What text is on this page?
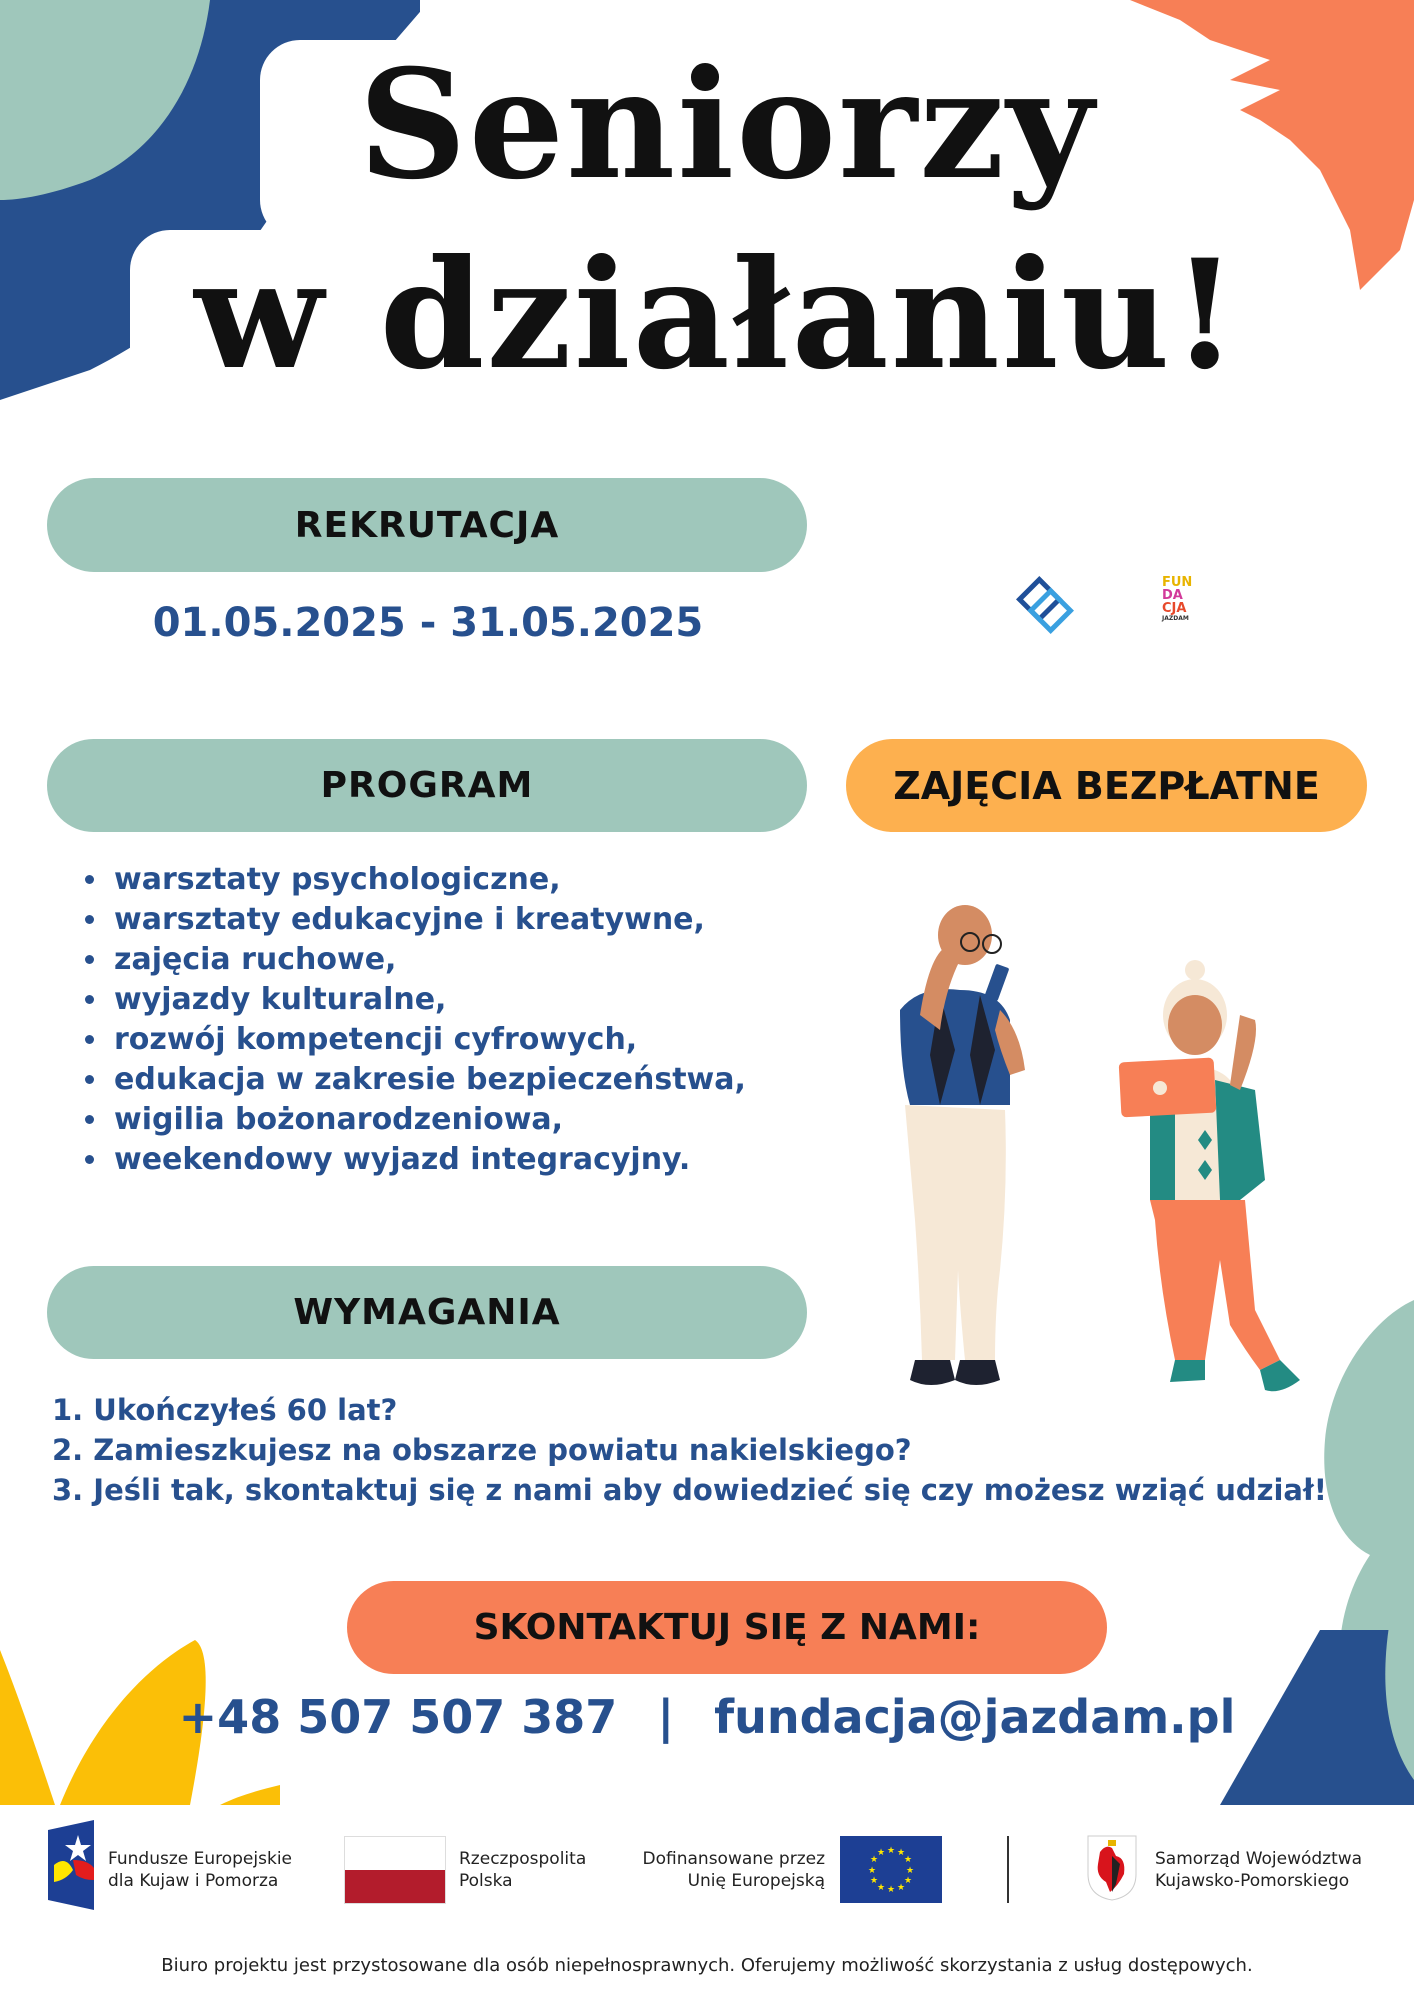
Seniorzy
w działaniu!
REKRUTACJA
01.05.2025 - 31.05.2025
FUN
DA
CJA
JAZDAM
PROGRAM
• warsztaty psychologiczne,
• warsztaty edukacyjne i kreatywne,
• zajęcia ruchowe,
• wyjazdy kulturalne,
• rozwój kompetencji cyfrowych,
• edukacja w zakresie bezpieczeństwa,
• wigilia bożonarodzeniowa,
• weekendowy wyjazd integracyjny.
ZAJĘCIA BEZPŁATNE
WYMAGANIA
1. Ukończyłeś 60 lat?
2. Zamieszkujesz na obszarze powiatu nakielskiego?
3. Jeśli tak, skontaktuj się z nami aby dowiedzieć się czy możesz wziąć udział!
SKONTAKTUJ SIĘ Z NAMI:
+48 507 507 387 | fundacja@jazdam.pl
Fundusze Europejskie
dla Kujaw i Pomorza
Rzeczpospolita
Polska
Dofinansowane przez
Unię Europejską
★ ★
★
★
★
★
★
★
★
★
★
★	Samorząd Województwa
Kujawsko-Pomorskiego
Biuro projektu jest przystosowane dla osób niepełnosprawnych. Oferujemy możliwość skorzystania z usług dostępowych.
